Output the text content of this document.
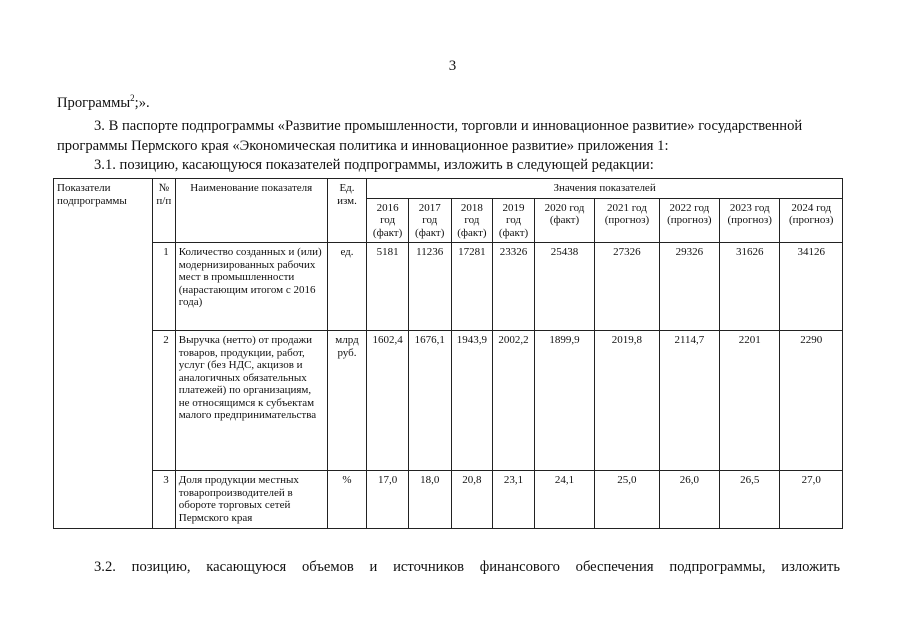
3
Программы$^2$;».
3. В паспорте подпрограммы «Развитие промышленности, торговли и инновационное развитие» государственной
программы Пермского края «Экономическая политика и инновационное развитие» приложения 1:
3.1. позицию, касающуюся показателей подпрограммы, изложить в следующей редакции:
Показатели подпрограммы	№ п/п	Наименование показателя	Ед. изм.	Значения показателей								
				2016 год (факт)	2017 год (факт)	2018 год (факт)	2019 год (факт)	2020 год (факт)	2021 год (прогноз)	2022 год (прогноз)	2023 год (прогноз)	2024 год (прогноз)
	1	Количество созданных и (или) модернизированных рабочих мест в промышленности (нарастающим итогом с 2016 года)	ед.	5181	11236	17281	23326	25438	27326	29326	31626	34126
	2	Выручка (нетто) от продажи товаров, продукции, работ, услуг (без НДС, акцизов и аналогичных обязательных платежей) по организациям, не относящимся к субъектам малого предпринимательства	млрд руб.	1602,4	1676,1	1943,9	2002,2	1899,9	2019,8	2114,7	2201	2290
	3	Доля продукции местных товаропроизводителей в обороте торговых сетей Пермского края	%	17,0	18,0	20,8	23,1	24,1	25,0	26,0	26,5	27,0
3.2. позицию, касающуюся объемов и источников финансового обеспечения подпрограммы, изложить
